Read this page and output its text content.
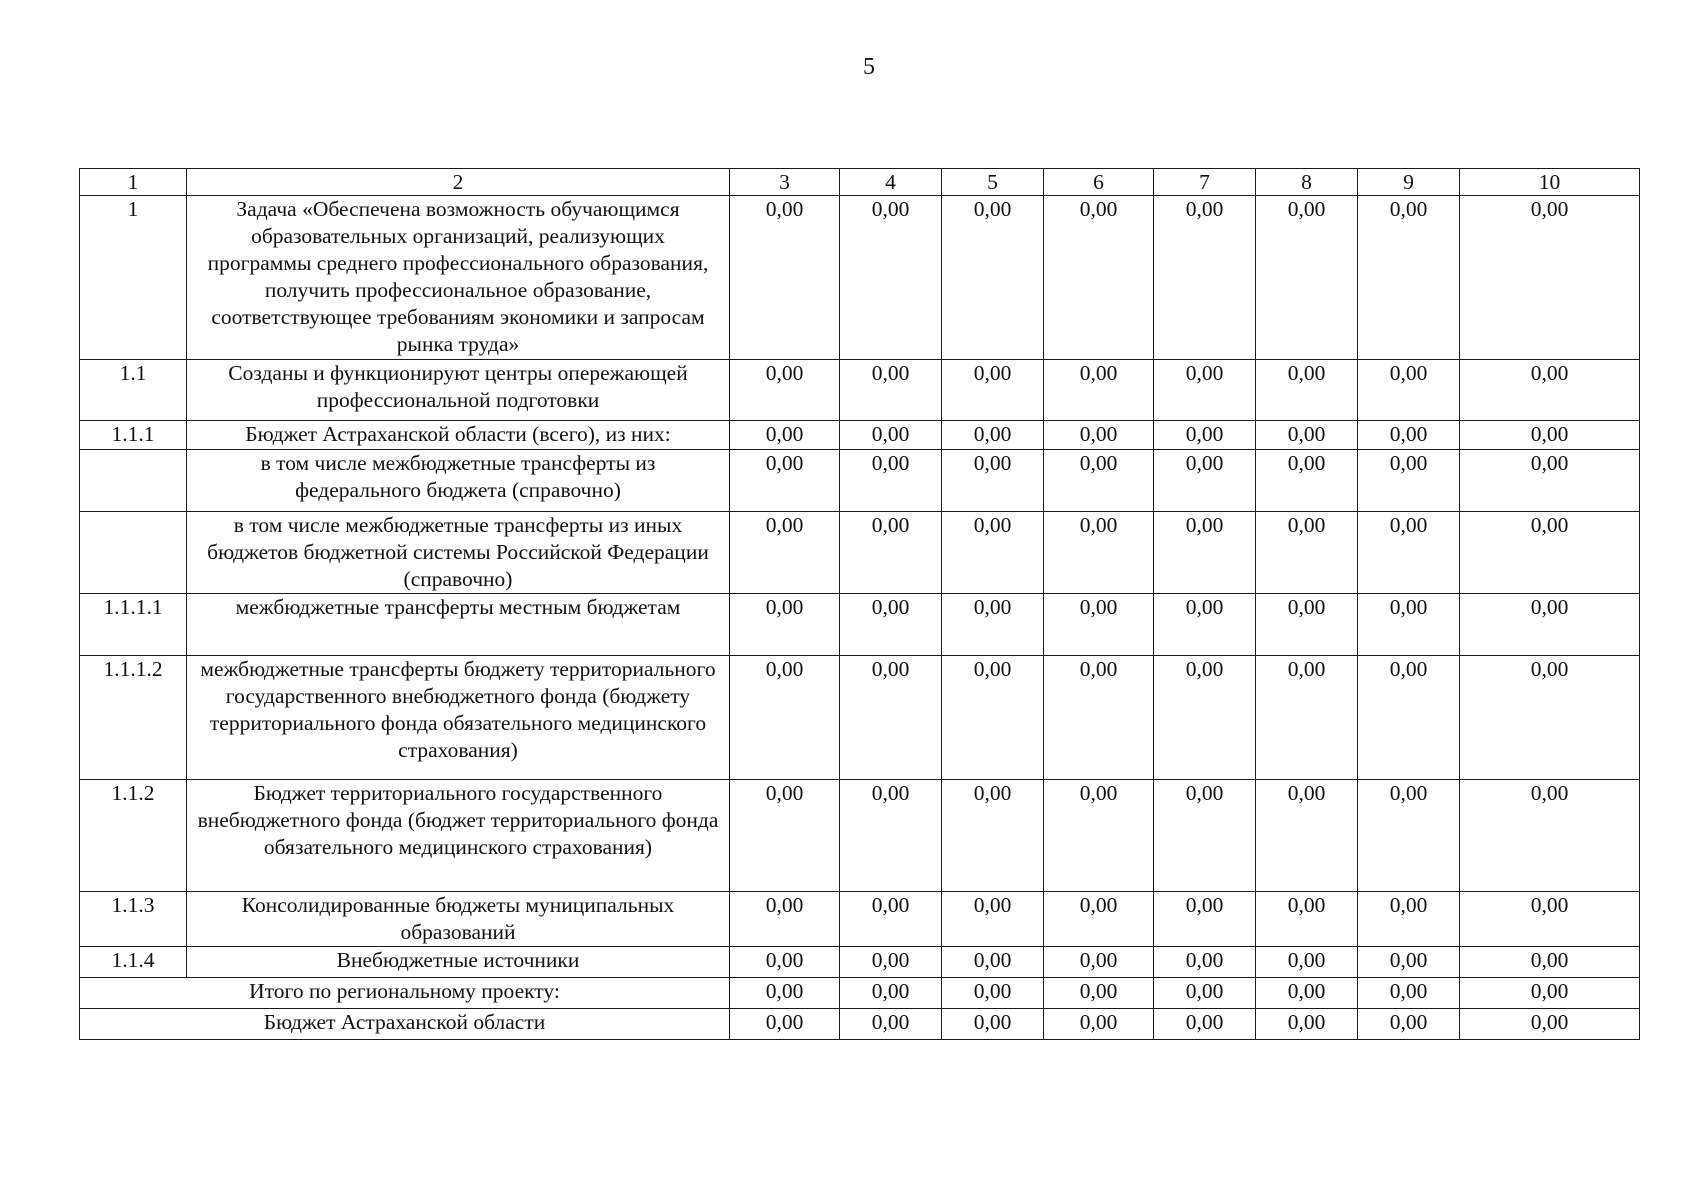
5
1	2	3	4	5	6	7	8	9	10
1	Задача «Обеспечена возможность обучающимся образовательных организаций, реализующих программы среднего профессионального образования, получить профессиональное образование, соответствующее требованиям экономики и запросам рынка труда»	0,00	0,00	0,00	0,00	0,00	0,00	0,00	0,00
1.1	Созданы и функционируют центры опережающей профессиональной подготовки	0,00	0,00	0,00	0,00	0,00	0,00	0,00	0,00
1.1.1	Бюджет Астраханской области (всего), из них:	0,00	0,00	0,00	0,00	0,00	0,00	0,00	0,00
	в том числе межбюджетные трансферты из федерального бюджета (справочно)	0,00	0,00	0,00	0,00	0,00	0,00	0,00	0,00
	в том числе межбюджетные трансферты из иных бюджетов бюджетной системы Российской Федерации (справочно)	0,00	0,00	0,00	0,00	0,00	0,00	0,00	0,00
1.1.1.1	межбюджетные трансферты местным бюджетам	0,00	0,00	0,00	0,00	0,00	0,00	0,00	0,00
1.1.1.2	межбюджетные трансферты бюджету территориального государственного внебюджетного фонда (бюджету территориального фонда обязательного медицинского страхования)	0,00	0,00	0,00	0,00	0,00	0,00	0,00	0,00
1.1.2	Бюджет территориального государственного внебюджетного фонда (бюджет территориального фонда обязательного медицинского страхования)	0,00	0,00	0,00	0,00	0,00	0,00	0,00	0,00
1.1.3	Консолидированные бюджеты муниципальных образований	0,00	0,00	0,00	0,00	0,00	0,00	0,00	0,00
1.1.4	Внебюджетные источники	0,00	0,00	0,00	0,00	0,00	0,00	0,00	0,00
Итого по региональному проекту:		0,00	0,00	0,00	0,00	0,00	0,00	0,00	0,00
Бюджет Астраханской области		0,00	0,00	0,00	0,00	0,00	0,00	0,00	0,00
